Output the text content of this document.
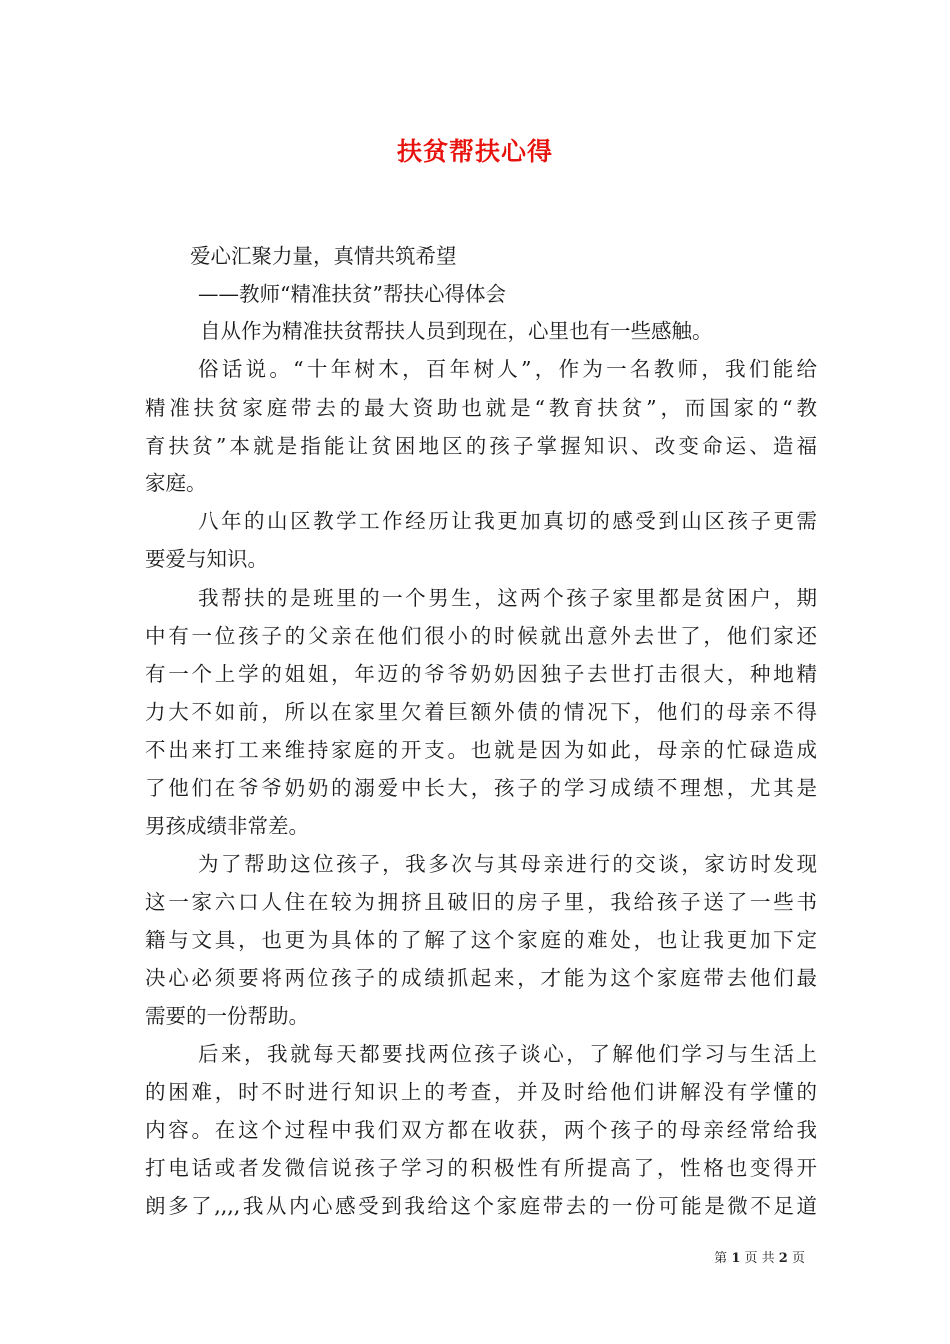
扶贫帮扶心得
爱心汇聚力量，真情共筑希望
——教师“精准扶贫”帮扶心得体会
自从作为精准扶贫帮扶人员到现在，心里也有一些感触。
俗话说。“十年树木，百年树人”，作为一名教师，我们能给
精准扶贫家庭带去的最大资助也就是“教育扶贫”，而国家的“教
育扶贫”本就是指能让贫困地区的孩子掌握知识、改变命运、造福
家庭。
八年的山区教学工作经历让我更加真切的感受到山区孩子更需
要爱与知识。
我帮扶的是班里的一个男生，这两个孩子家里都是贫困户，期
中有一位孩子的父亲在他们很小的时候就出意外去世了，他们家还
有一个上学的姐姐，年迈的爷爷奶奶因独子去世打击很大，种地精
力大不如前，所以在家里欠着巨额外债的情况下，他们的母亲不得
不出来打工来维持家庭的开支。也就是因为如此，母亲的忙碌造成
了他们在爷爷奶奶的溺爱中长大，孩子的学习成绩不理想，尤其是
男孩成绩非常差。
为了帮助这位孩子，我多次与其母亲进行的交谈，家访时发现
这一家六口人住在较为拥挤且破旧的房子里，我给孩子送了一些书
籍与文具，也更为具体的了解了这个家庭的难处，也让我更加下定
决心必须要将两位孩子的成绩抓起来，才能为这个家庭带去他们最
需要的一份帮助。
后来，我就每天都要找两位孩子谈心，了解他们学习与生活上
的困难，时不时进行知识上的考查，并及时给他们讲解没有学懂的
内容。在这个过程中我们双方都在收获，两个孩子的母亲经常给我
打电话或者发微信说孩子学习的积极性有所提高了，性格也变得开
朗多了,,,,我从内心感受到我给这个家庭带去的一份可能是微不足道
第 1 页 共 2 页
